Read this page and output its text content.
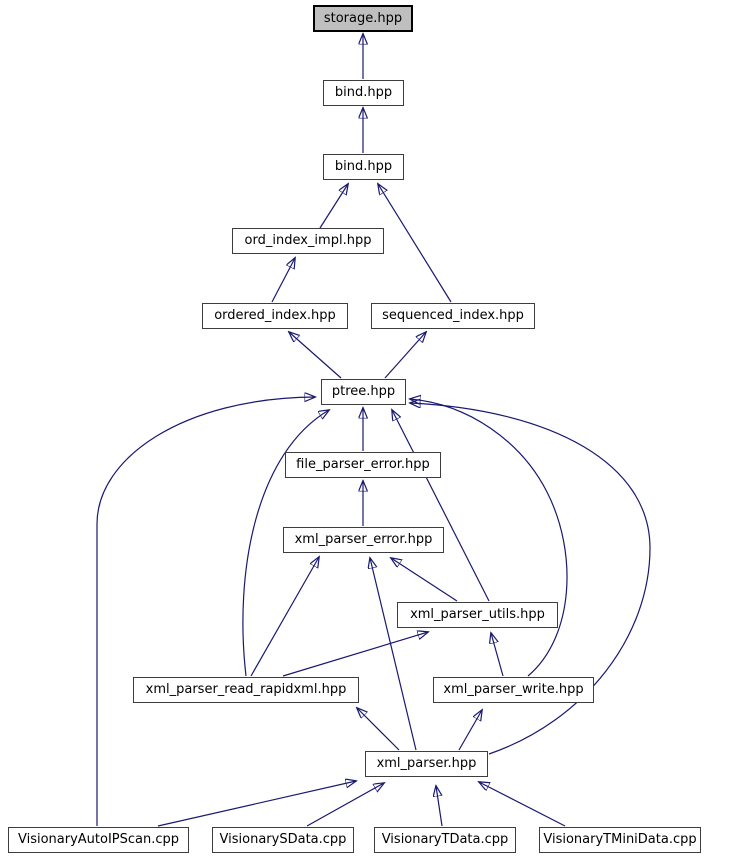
storage.hpp
bind.hpp
bind.hpp
ord_index_impl.hpp
ordered_index.hpp	sequenced_index.hpp
ptree.hpp
file_parser_error.hpp
xml_parser_error.hpp
xml_parser_utils.hpp
xml_parser_read_rapidxml.hpp	xml_parser_write.hpp
xml_parser.hpp
VisionaryAutoIPScan.cpp	VisionarySData.cpp	VisionaryTData.cpp	VisionaryTMiniData.cpp
